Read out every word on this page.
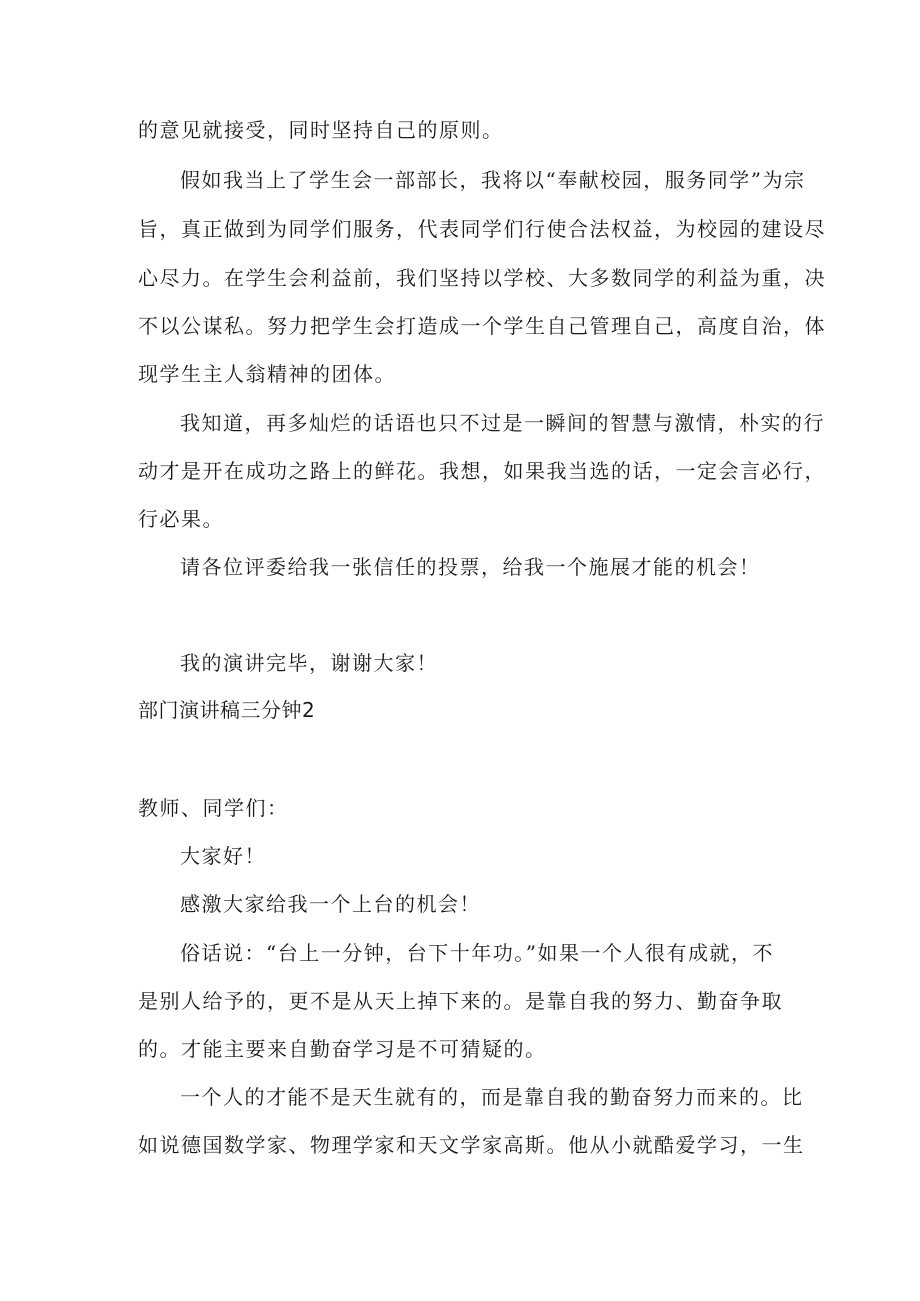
的意见就接受，同时坚持自己的原则。
假如我当上了学生会一部部长，我将以“奉献校园，服务同学”为宗
旨，真正做到为同学们服务，代表同学们行使合法权益，为校园的建设尽
心尽力。在学生会利益前，我们坚持以学校、大多数同学的利益为重，决
不以公谋私。努力把学生会打造成一个学生自己管理自己，高度自治，体
现学生主人翁精神的团体。
我知道，再多灿烂的话语也只不过是一瞬间的智慧与激情，朴实的行
动才是开在成功之路上的鲜花。我想，如果我当选的话，一定会言必行，
行必果。
请各位评委给我一张信任的投票，给我一个施展才能的机会！
我的演讲完毕，谢谢大家！
部门演讲稿三分钟2
教师、同学们：
大家好！
感激大家给我一个上台的机会！
俗话说：“台上一分钟，台下十年功。”如果一个人很有成就，不
是别人给予的，更不是从天上掉下来的。是靠自我的努力、勤奋争取
的。才能主要来自勤奋学习是不可猜疑的。
一个人的才能不是天生就有的，而是靠自我的勤奋努力而来的。比
如说德国数学家、物理学家和天文学家高斯。他从小就酷爱学习，一生
